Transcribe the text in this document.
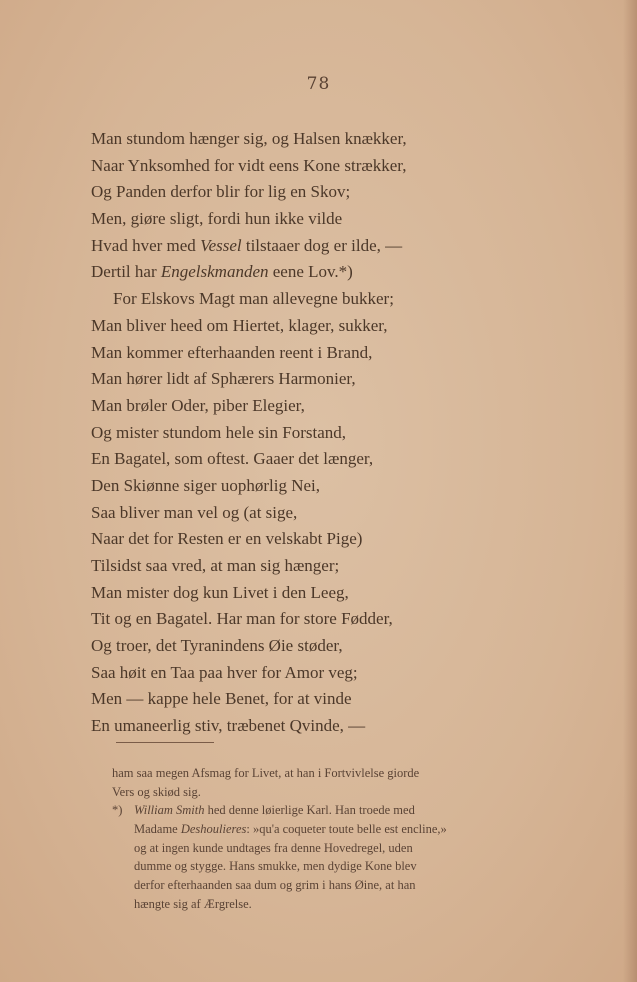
78
Man stundom hænger sig, og Halsen knækker,
Naar Ynksomhed for vidt eens Kone strækker,
Og Panden derfor blir for lig en Skov;
Men, giøre sligt, fordi hun ikke vilde
Hvad hver med Vessel tilstaaer dog er ilde, —
Dertil har Engelskmanden eene Lov.*)
For Elskovs Magt man allevegne bukker;
Man bliver heed om Hiertet, klager, sukker,
Man kommer efterhaanden reent i Brand,
Man hører lidt af Sphærers Harmonier,
Man brøler Oder, piber Elegier,
Og mister stundom hele sin Forstand,
En Bagatel, som oftest. Gaaer det længer,
Den Skiønne siger uophørlig Nei,
Saa bliver man vel og (at sige,
Naar det for Resten er en velskabt Pige)
Tilsidst saa vred, at man sig hænger;
Man mister dog kun Livet i den Leeg,
Tit og en Bagatel. Har man for store Fødder,
Og troer, det Tyranindens Øie støder,
Saa høit en Taa paa hver for Amor veg;
Men — kappe hele Benet, for at vinde
En umaneerlig stiv, træbenet Qvinde, —
ham saa megen Afsmag for Livet, at han i Fortvivlelse giorde
Vers og skiød sig.
*) William Smith hed denne løierlige Karl. Han troede med
Madame Deshoulieres: »qu'a coqueter toute belle est encline,»
og at ingen kunde undtages fra denne Hovedregel, uden
dumme og stygge. Hans smukke, men dydige Kone blev
derfor efterhaanden saa dum og grim i hans Øine, at han
hængte sig af Ærgrelse.
